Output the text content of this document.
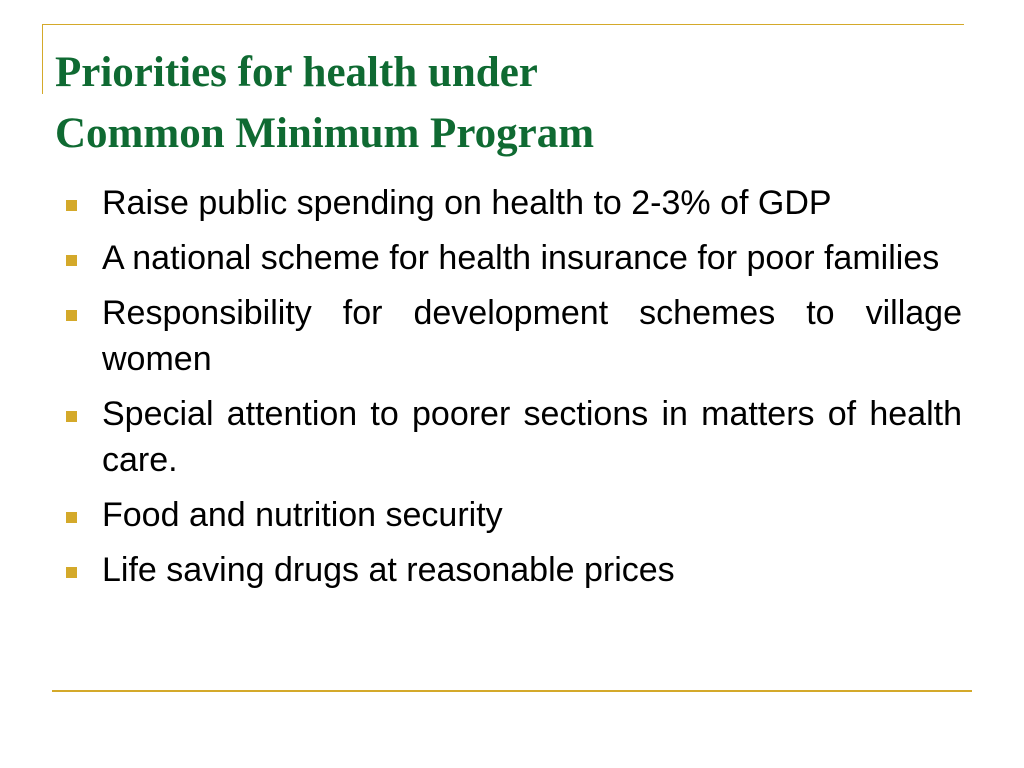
Priorities for health under
Common Minimum Program
Raise public spending on health to 2-3% of GDP
A national scheme for health insurance for poor families
Responsibility for development schemes to village women
Special attention to poorer sections in matters of health care.
Food and nutrition security
Life saving drugs at reasonable prices
